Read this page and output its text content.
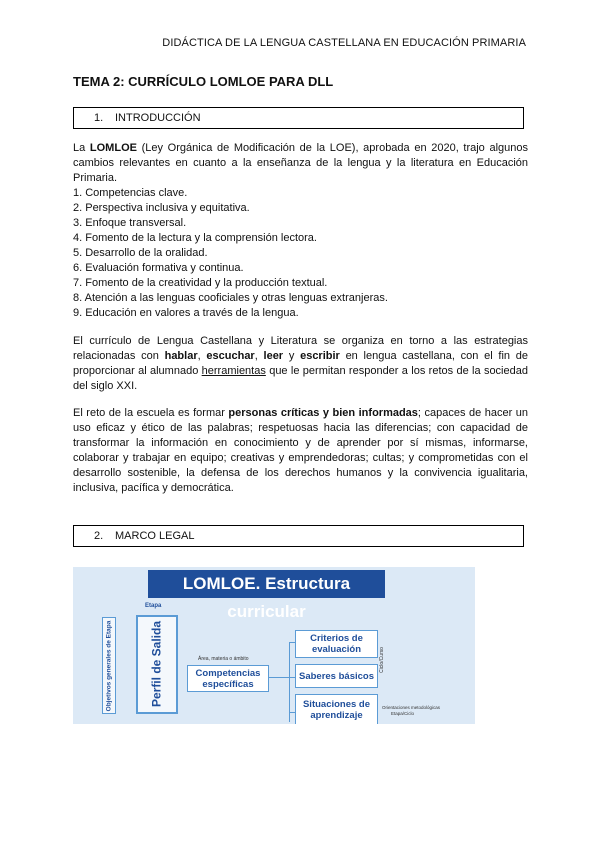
DIDÁCTICA DE LA LENGUA CASTELLANA EN EDUCACIÓN PRIMARIA
TEMA 2: CURRÍCULO LOMLOE PARA DLL
1. INTRODUCCIÓN
La LOMLOE (Ley Orgánica de Modificación de la LOE), aprobada en 2020, trajo algunos cambios relevantes en cuanto a la enseñanza de la lengua y la literatura en Educación Primaria.
1. Competencias clave.
2. Perspectiva inclusiva y equitativa.
3. Enfoque transversal.
4. Fomento de la lectura y la comprensión lectora.
5. Desarrollo de la oralidad.
6. Evaluación formativa y continua.
7. Fomento de la creatividad y la producción textual.
8. Atención a las lenguas cooficiales y otras lenguas extranjeras.
9. Educación en valores a través de la lengua.
El currículo de Lengua Castellana y Literatura se organiza en torno a las estrategias relacionadas con hablar, escuchar, leer y escribir en lengua castellana, con el fin de proporcionar al alumnado herramientas que le permitan responder a los retos de la sociedad del siglo XXI.
El reto de la escuela es formar personas críticas y bien informadas; capaces de hacer un uso eficaz y ético de las palabras; respetuosas hacia las diferencias; con capacidad de transformar la información en conocimiento y de aprender por sí mismas, informarse, colaborar y trabajar en equipo; creativas y emprendedoras; cultas; y comprometidas con el desarrollo sostenible, la defensa de los derechos humanos y la convivencia igualitaria, inclusiva, pacífica y democrática.
2. MARCO LEGAL
LOMLOE. Estructura curricular
Etapa
Objetivos generales de Etapa	Perfil de Salida	Área, materia o ámbito
Competencias específicas
Criterios de evaluación
Saberes básicos
Situaciones de aprendizaje
Ciclo/Curso
Orientaciones metodológicas
Etapa/Ciclo
